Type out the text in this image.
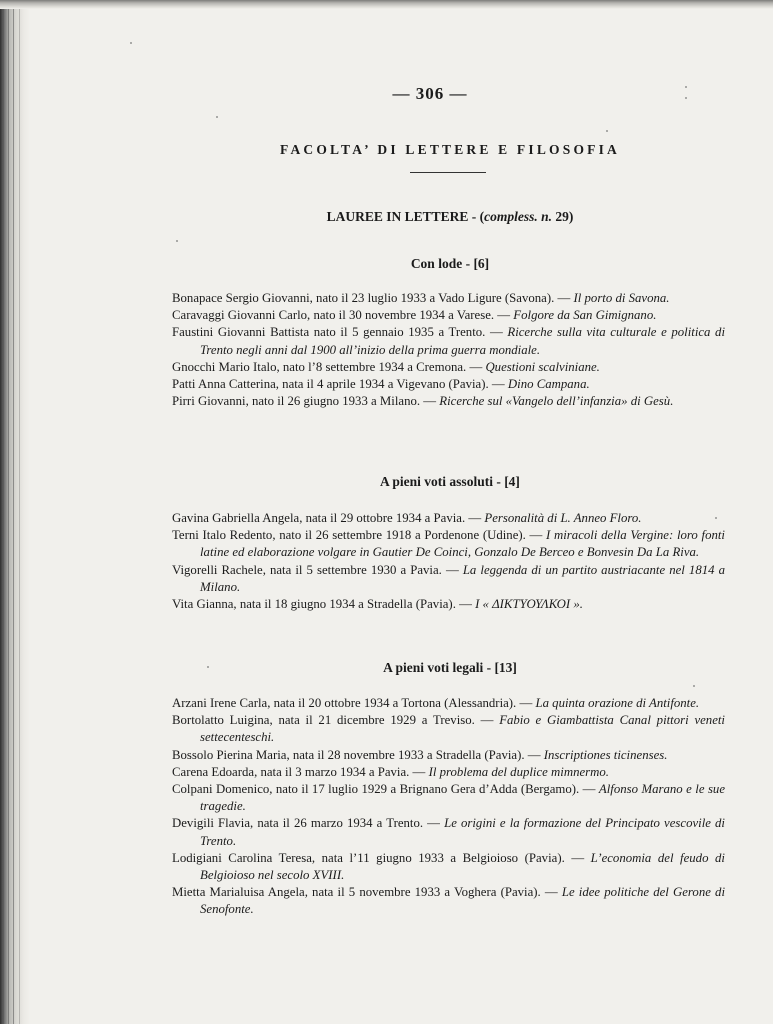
— 306 —
FACOLTA’ DI LETTERE E FILOSOFIA
LAUREE IN LETTERE - (compless. n. 29)
Con lode - [6]

Bonapace Sergio Giovanni, nato il 23 luglio 1933 a Vado Ligure (Savona). — Il porto di Savona.

Caravaggi Giovanni Carlo, nato il 30 novembre 1934 a Varese. — Folgore da San Gimignano.

Faustini Giovanni Battista nato il 5 gennaio 1935 a Trento. — Ricerche sulla vita culturale e politica di Trento negli anni dal 1900 all’inizio della prima guerra mondiale.

Gnocchi Mario Italo, nato l’8 settembre 1934 a Cremona. — Questioni scalviniane.

Patti Anna Catterina, nata il 4 aprile 1934 a Vigevano (Pavia). — Dino Campana.

Pirri Giovanni, nato il 26 giugno 1933 a Milano. — Ricerche sul «Vangelo dell’infanzia» di Gesù.

A pieni voti assoluti - [4]

Gavina Gabriella Angela, nata il 29 ottobre 1934 a Pavia. — Personalità di L. Anneo Floro.

Terni Italo Redento, nato il 26 settembre 1918 a Pordenone (Udine). — I miracoli della Vergine: loro fonti latine ed elaborazione volgare in Gautier De Coinci, Gonzalo De Berceo e Bonvesin Da La Riva.

Vigorelli Rachele, nata il 5 settembre 1930 a Pavia. — La leggenda di un partito austriacante nel 1814 a Milano.

Vita Gianna, nata il 18 giugno 1934 a Stradella (Pavia). — I « ΔΙΚΤΥΟΥΛΚΟΙ ».

A pieni voti legali - [13]

Arzani Irene Carla, nata il 20 ottobre 1934 a Tortona (Alessandria). — La quinta orazione di Antifonte.

Bortolatto Luigina, nata il 21 dicembre 1929 a Treviso. — Fabio e Giambattista Canal pittori veneti settecenteschi.

Bossolo Pierina Maria, nata il 28 novembre 1933 a Stradella (Pavia). — Inscriptiones ticinenses.

Carena Edoarda, nata il 3 marzo 1934 a Pavia. — Il problema del duplice mimnermo.

Colpani Domenico, nato il 17 luglio 1929 a Brignano Gera d’Adda (Bergamo). — Alfonso Marano e le sue tragedie.

Devigili Flavia, nata il 26 marzo 1934 a Trento. — Le origini e la formazione del Principato vescovile di Trento.

Lodigiani Carolina Teresa, nata l’11 giugno 1933 a Belgioioso (Pavia). — L’economia del feudo di Belgioioso nel secolo XVIII.

Mietta Marialuisa Angela, nata il 5 novembre 1933 a Voghera (Pavia). — Le idee politiche del Gerone di Senofonte.
